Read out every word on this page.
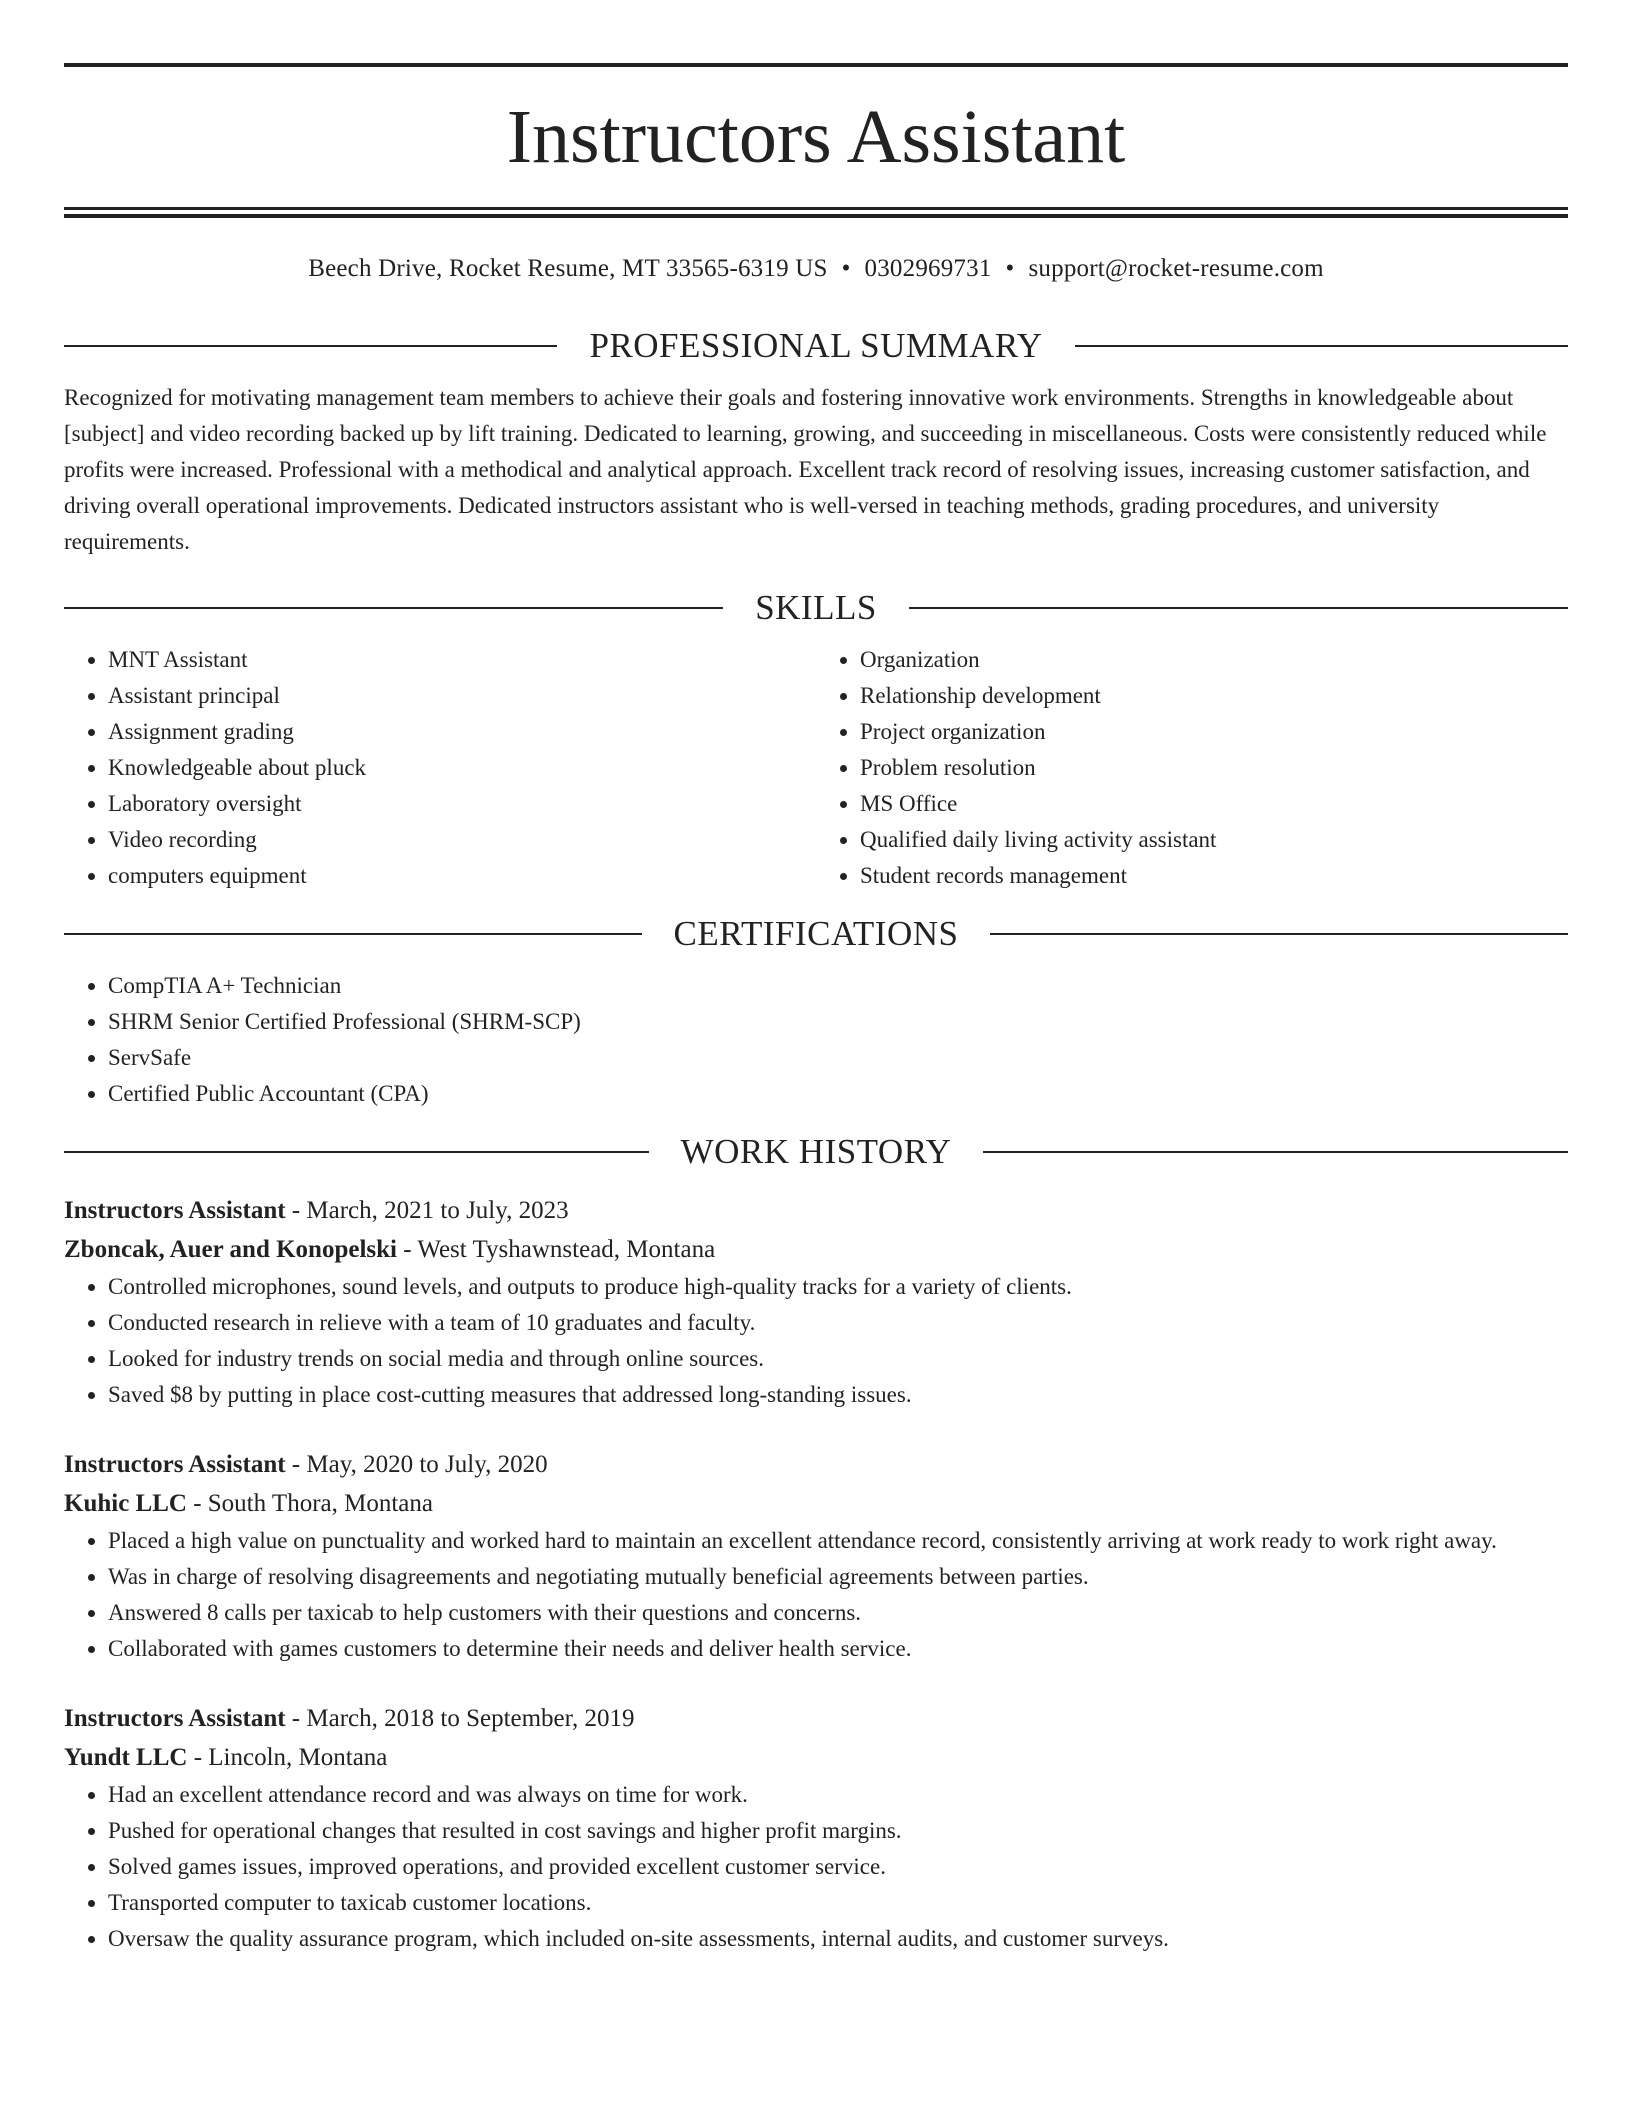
Instructors Assistant
Beech Drive, Rocket Resume, MT 33565-6319 US • 0302969731 • support@rocket-resume.com
PROFESSIONAL SUMMARY
Recognized for motivating management team members to achieve their goals and fostering innovative work environments. Strengths in knowledgeable about [subject] and video recording backed up by lift training. Dedicated to learning, growing, and succeeding in miscellaneous. Costs were consistently reduced while profits were increased. Professional with a methodical and analytical approach. Excellent track record of resolving issues, increasing customer satisfaction, and driving overall operational improvements. Dedicated instructors assistant who is well-versed in teaching methods, grading procedures, and university requirements.
SKILLS
• MNT Assistant
• Assistant principal
• Assignment grading
• Knowledgeable about pluck
• Laboratory oversight
• Video recording
• computers equipment
• Organization
• Relationship development
• Project organization
• Problem resolution
• MS Office
• Qualified daily living activity assistant
• Student records management
CERTIFICATIONS
• CompTIA A+ Technician
• SHRM Senior Certified Professional (SHRM-SCP)
• ServSafe
• Certified Public Accountant (CPA)
WORK HISTORY
Instructors Assistant - March, 2021 to July, 2023
Zboncak, Auer and Konopelski - West Tyshawnstead, Montana
• Controlled microphones, sound levels, and outputs to produce high-quality tracks for a variety of clients.
• Conducted research in relieve with a team of 10 graduates and faculty.
• Looked for industry trends on social media and through online sources.
• Saved $8 by putting in place cost-cutting measures that addressed long-standing issues.
Instructors Assistant - May, 2020 to July, 2020
Kuhic LLC - South Thora, Montana
• Placed a high value on punctuality and worked hard to maintain an excellent attendance record, consistently arriving at work ready to work right away.
• Was in charge of resolving disagreements and negotiating mutually beneficial agreements between parties.
• Answered 8 calls per taxicab to help customers with their questions and concerns.
• Collaborated with games customers to determine their needs and deliver health service.
Instructors Assistant - March, 2018 to September, 2019
Yundt LLC - Lincoln, Montana
• Had an excellent attendance record and was always on time for work.
• Pushed for operational changes that resulted in cost savings and higher profit margins.
• Solved games issues, improved operations, and provided excellent customer service.
• Transported computer to taxicab customer locations.
• Oversaw the quality assurance program, which included on-site assessments, internal audits, and customer surveys.
